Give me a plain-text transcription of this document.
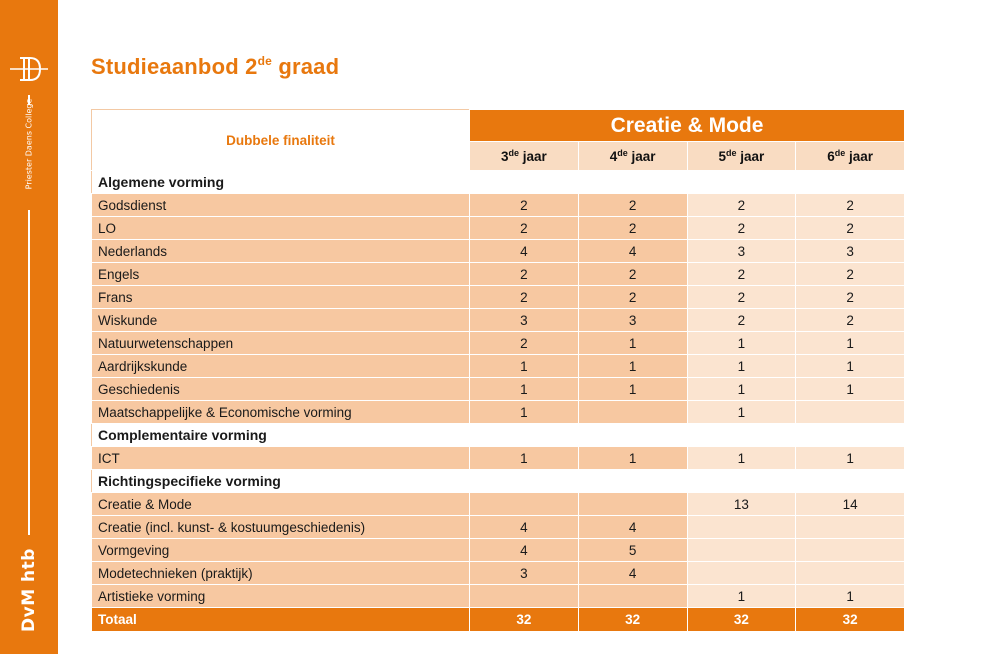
Priester Daens College
DvM htb
Studieaanbod 2de graad
Dubbele finaliteit	Creatie & Mode			
	3de jaar	4de jaar	5de jaar	6de jaar
Algemene vorming				
Godsdienst	2	2	2	2
LO	2	2	2	2
Nederlands	4	4	3	3
Engels	2	2	2	2
Frans	2	2	2	2
Wiskunde	3	3	2	2
Natuurwetenschappen	2	1	1	1
Aardrijkskunde	1	1	1	1
Geschiedenis	1	1	1	1
Maatschappelijke & Economische vorming	1		1	
Complementaire vorming				
ICT	1	1	1	1
Richtingspecifieke vorming				
Creatie & Mode			13	14
Creatie (incl. kunst- & kostuumgeschiedenis)	4	4		
Vormgeving	4	5		
Modetechnieken (praktijk)	3	4		
Artistieke vorming			1	1
Totaal	32	32	32	32
